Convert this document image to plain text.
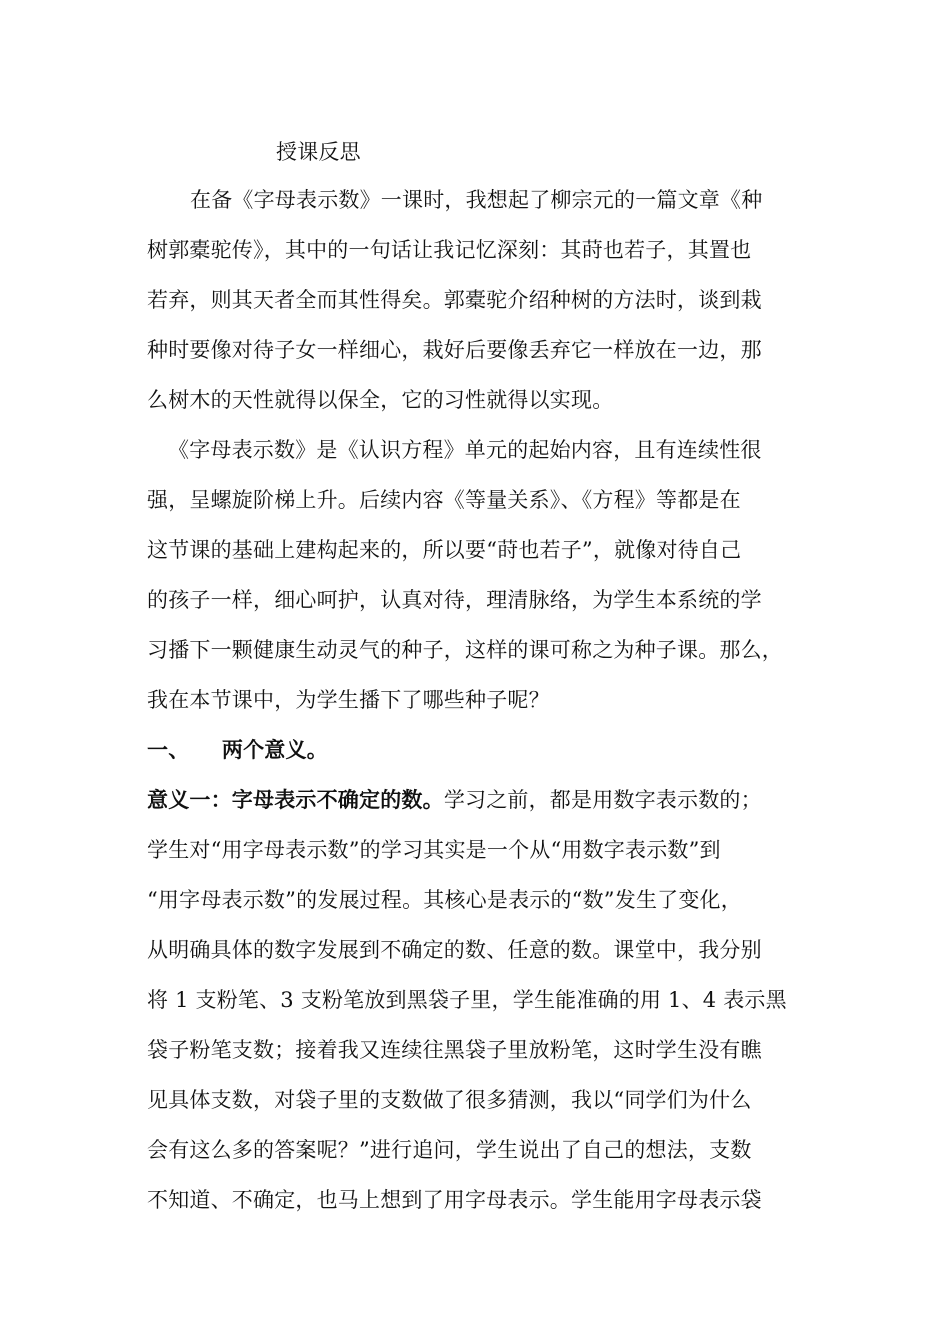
授课反思
在备《字母表示数》一课时，我想起了柳宗元的一篇文章《种
树郭橐驼传》，其中的一句话让我记忆深刻：其莳也若子，其置也
若弃，则其天者全而其性得矣。郭橐驼介绍种树的方法时，谈到栽
种时要像对待子女一样细心，栽好后要像丢弃它一样放在一边，那
么树木的天性就得以保全，它的习性就得以实现。
《字母表示数》是《认识方程》单元的起始内容，且有连续性很
强，呈螺旋阶梯上升。后续内容《等量关系》、《方程》等都是在
这节课的基础上建构起来的，所以要“莳也若子”，就像对待自己
的孩子一样，细心呵护，认真对待，理清脉络，为学生本系统的学
习播下一颗健康生动灵气的种子，这样的课可称之为种子课。那么，
我在本节课中，为学生播下了哪些种子呢？
一、 两个意义。
意义一：字母表示不确定的数。学习之前，都是用数字表示数的；
学生对“用字母表示数”的学习其实是一个从“用数字表示数”到
“用字母表示数”的发展过程。其核心是表示的“数”发生了变化，
从明确具体的数字发展到不确定的数、任意的数。课堂中，我分别
将 1 支粉笔、3 支粉笔放到黑袋子里，学生能准确的用 1、4 表示黑
袋子粉笔支数；接着我又连续往黑袋子里放粉笔，这时学生没有瞧
见具体支数，对袋子里的支数做了很多猜测，我以“同学们为什么
会有这么多的答案呢？”进行追问，学生说出了自己的想法，支数
不知道、不确定，也马上想到了用字母表示。学生能用字母表示袋
